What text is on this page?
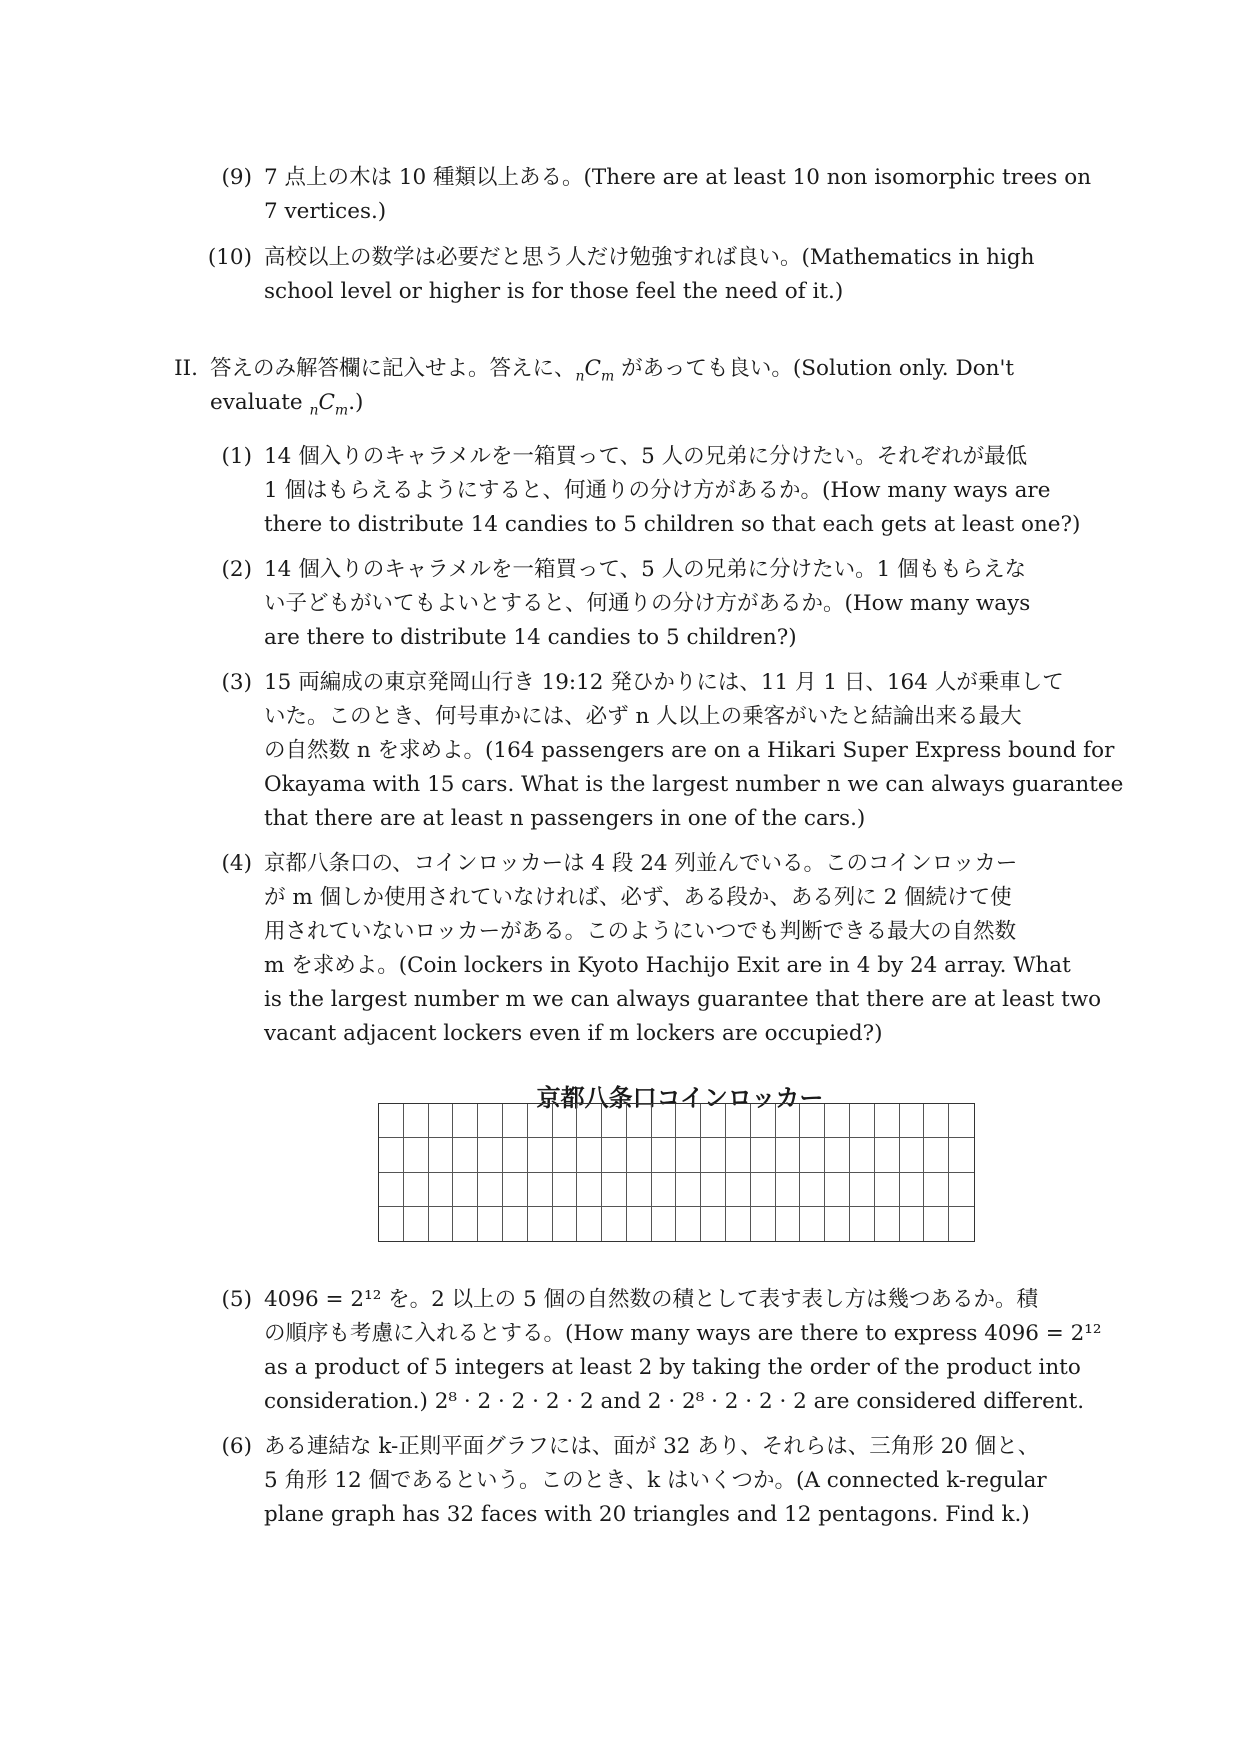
(9) 7 点上の木は 10 種類以上ある。(There are at least 10 non isomorphic trees on
7 vertices.)
(10) 高校以上の数学は必要だと思う人だけ勉強すれば良い。(Mathematics in high
school level or higher is for those feel the need of it.)
II. 答えのみ解答欄に記入せよ。答えに、$_nC_m$ があっても良い。(Solution only. Don't
evaluate $_nC_m$.)
(1) 14 個入りのキャラメルを一箱買って、5 人の兄弟に分けたい。それぞれが最低
1 個はもらえるようにすると、何通りの分け方があるか。(How many ways are
there to distribute 14 candies to 5 children so that each gets at least one?)
(2) 14 個入りのキャラメルを一箱買って、5 人の兄弟に分けたい。1 個ももらえな
い子どもがいてもよいとすると、何通りの分け方があるか。(How many ways
are there to distribute 14 candies to 5 children?)
(3) 15 両編成の東京発岡山行き 19:12 発ひかりには、11 月 1 日、164 人が乗車して
いた。このとき、何号車かには、必ず n 人以上の乗客がいたと結論出来る最大
の自然数 n を求めよ。(164 passengers are on a Hikari Super Express bound for
Okayama with 15 cars. What is the largest number n we can always guarantee
that there are at least n passengers in one of the cars.)
(4) 京都八条口の、コインロッカーは 4 段 24 列並んでいる。このコインロッカー
が m 個しか使用されていなければ、必ず、ある段か、ある列に 2 個続けて使
用されていないロッカーがある。このようにいつでも判断できる最大の自然数
m を求めよ。(Coin lockers in Kyoto Hachijo Exit are in 4 by 24 array. What
is the largest number m we can always guarantee that there are at least two
vacant adjacent lockers even if m lockers are occupied?)
京都八条口コインロッカー
(5) 4096 = 2¹² を。2 以上の 5 個の自然数の積として表す表し方は幾つあるか。積
の順序も考慮に入れるとする。(How many ways are there to express 4096 = 2¹²
as a product of 5 integers at least 2 by taking the order of the product into
consideration.) 2⁸ · 2 · 2 · 2 · 2 and 2 · 2⁸ · 2 · 2 · 2 are considered different.
(6) ある連結な k-正則平面グラフには、面が 32 あり、それらは、三角形 20 個と、
5 角形 12 個であるという。このとき、k はいくつか。(A connected k-regular
plane graph has 32 faces with 20 triangles and 12 pentagons. Find k.)
